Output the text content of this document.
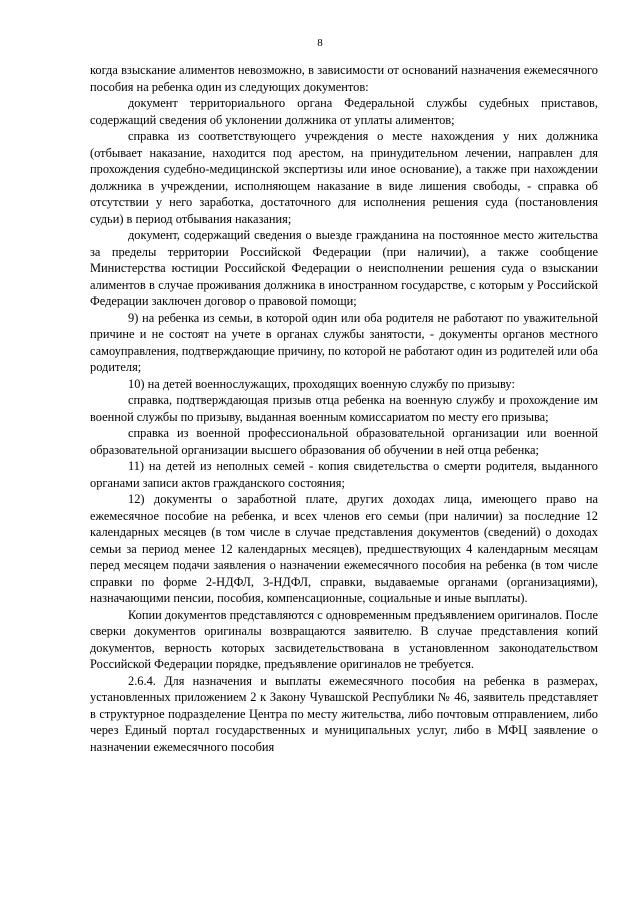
8

когда взыскание алиментов невозможно, в зависимости от оснований назначения ежемесячного пособия на ребенка один из следующих документов:

документ территориального органа Федеральной службы судебных приставов, содержащий сведения об уклонении должника от уплаты алиментов;

справка из соответствующего учреждения о месте нахождения у них должника (отбывает наказание, находится под арестом, на принудительном лечении, направлен для прохождения судебно-медицинской экспертизы или иное основание), а также при нахождении должника в учреждении, исполняющем наказание в виде лишения свободы, - справка об отсутствии у него заработка, достаточного для исполнения решения суда (постановления судьи) в период отбывания наказания;

документ, содержащий сведения о выезде гражданина на постоянное место жительства за пределы территории Российской Федерации (при наличии), а также сообщение Министерства юстиции Российской Федерации о неисполнении решения суда о взыскании алиментов в случае проживания должника в иностранном государстве, с которым у Российской Федерации заключен договор о правовой помощи;

9) на ребенка из семьи, в которой один или оба родителя не работают по уважительной причине и не состоят на учете в органах службы занятости, - документы органов местного самоуправления, подтверждающие причину, по которой не работают один из родителей или оба родителя;

10) на детей военнослужащих, проходящих военную службу по призыву:

справка, подтверждающая призыв отца ребенка на военную службу и прохождение им военной службы по призыву, выданная военным комиссариатом по месту его призыва;

справка из военной профессиональной образовательной организации или военной образовательной организации высшего образования об обучении в ней отца ребенка;

11) на детей из неполных семей - копия свидетельства о смерти родителя, выданного органами записи актов гражданского состояния;

12) документы о заработной плате, других доходах лица, имеющего право на ежемесячное пособие на ребенка, и всех членов его семьи (при наличии) за последние 12 календарных месяцев (в том числе в случае представления документов (сведений) о доходах семьи за период менее 12 календарных месяцев), предшествующих 4 календарным месяцам перед месяцем подачи заявления о назначении ежемесячного пособия на ребенка (в том числе справки по форме 2-НДФЛ, 3-НДФЛ, справки, выдаваемые органами (организациями), назначающими пенсии, пособия, компенсационные, социальные и иные выплаты).

Копии документов представляются с одновременным предъявлением оригиналов. После сверки документов оригиналы возвращаются заявителю. В случае представления копий документов, верность которых засвидетельствована в установленном законодательством Российской Федерации порядке, предъявление оригиналов не требуется.

2.6.4. Для назначения и выплаты ежемесячного пособия на ребенка в размерах, установленных приложением 2 к Закону Чувашской Республики № 46, заявитель представляет в структурное подразделение Центра по месту жительства, либо почтовым отправлением, либо через Единый портал государственных и муниципальных услуг, либо в МФЦ заявление о назначении ежемесячного пособия
